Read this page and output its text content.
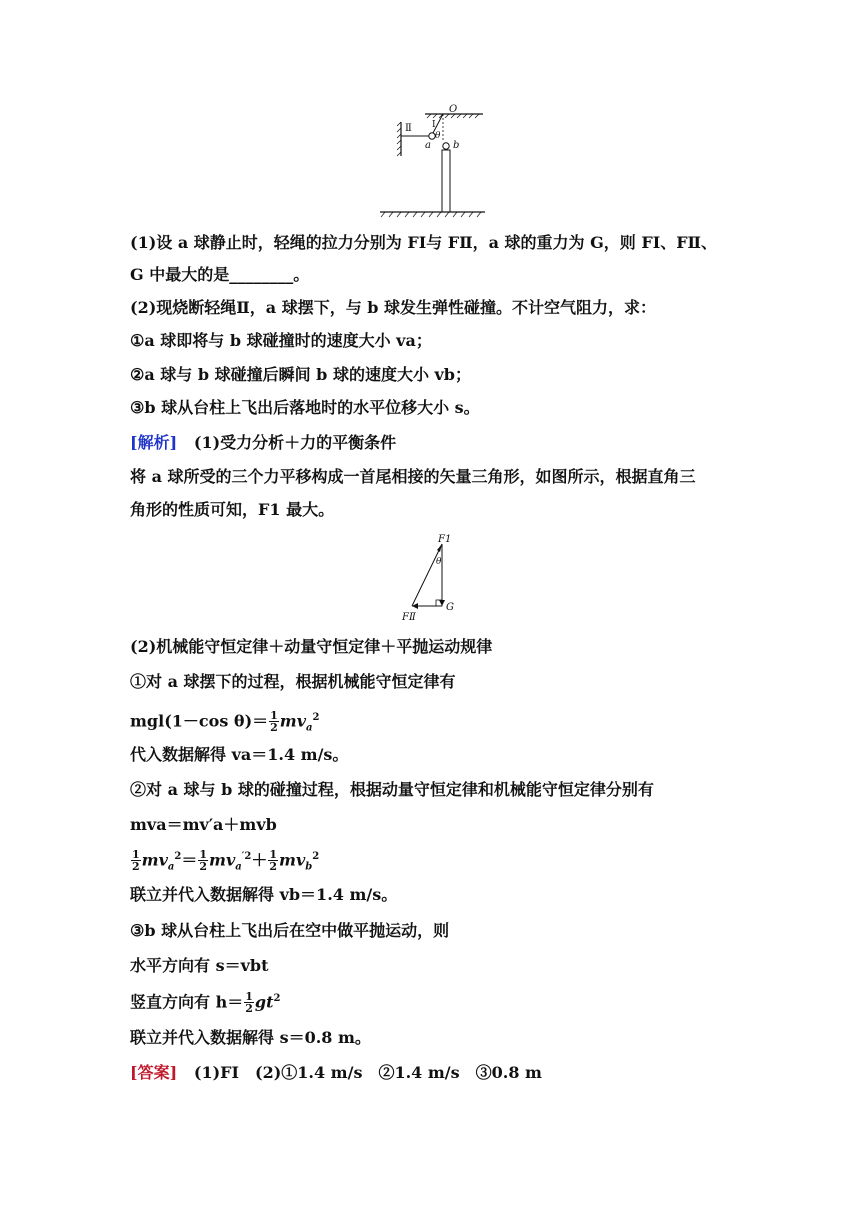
O
Ⅱ Ⅰ
θ
a b
(1)设 a 球静止时，轻绳的拉力分别为 FⅠ与 FⅡ，a 球的重力为 G，则 FⅠ、FⅡ、
G 中最大的是________。
(2)现烧断轻绳Ⅱ，a 球摆下，与 b 球发生弹性碰撞。不计空气阻力，求：
①a 球即将与 b 球碰撞时的速度大小 va；
②a 球与 b 球碰撞后瞬间 b 球的速度大小 vb；
③b 球从台柱上飞出后落地时的水平位移大小 s。
[解析] (1)受力分析＋力的平衡条件
将 a 球所受的三个力平移构成一首尾相接的矢量三角形，如图所示，根据直角三
角形的性质可知，F1 最大。
F1
θ
FⅡ
G
(2)机械能守恒定律＋动量守恒定律＋平抛运动规律
①对 a 球摆下的过程，根据机械能守恒定律有
mgl(1－cos $\theta)= \frac{1}{2} mv_a^2$
代入数据解得 va＝1.4 m/s。
②对 a 球与 b 球的碰撞过程，根据动量守恒定律和机械能守恒定律分别有
mva＝mv′a＋mvb
$\frac{1}{2} mv_a^2= \frac{1}{2} mv_a^{'2}+ \frac{1}{2} mv_b^2$
联立并代入数据解得 vb＝1.4 m/s。
③b 球从台柱上飞出后在空中做平抛运动，则
水平方向有 s＝vbt
竖直方向有 $h= \frac{1}{2} gt^2$
联立并代入数据解得 s＝0.8 m。
[答案] (1)FⅠ　(2)①1.4 m/s　②1.4 m/s　③0.8 m
